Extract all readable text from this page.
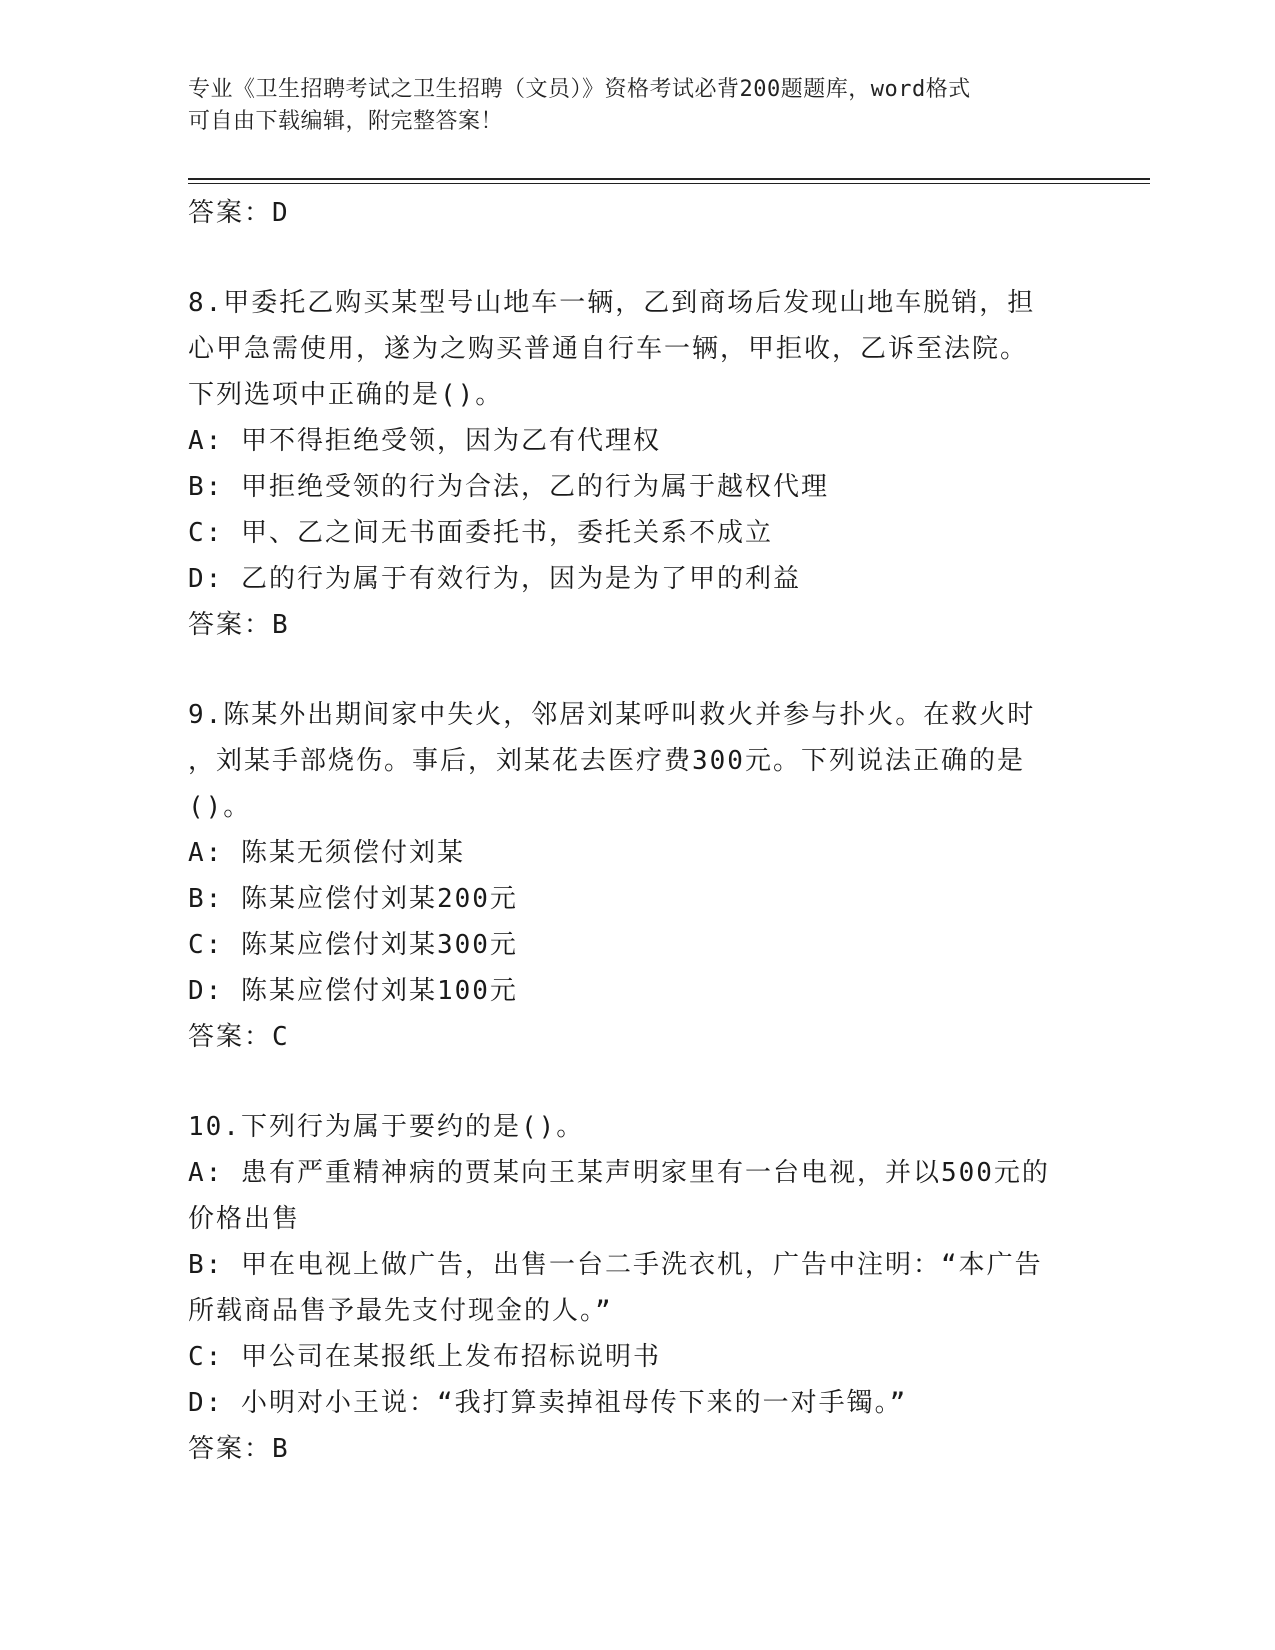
专业《卫生招聘考试之卫生招聘（文员）》资格考试必背200题题库，word格式
可自由下载编辑，附完整答案！
答案：D
8.甲委托乙购买某型号山地车一辆，乙到商场后发现山地车脱销，担
心甲急需使用，遂为之购买普通自行车一辆，甲拒收，乙诉至法院。
下列选项中正确的是()。
A: 甲不得拒绝受领，因为乙有代理权
B: 甲拒绝受领的行为合法，乙的行为属于越权代理
C: 甲、乙之间无书面委托书，委托关系不成立
D: 乙的行为属于有效行为，因为是为了甲的利益
答案：B
9.陈某外出期间家中失火，邻居刘某呼叫救火并参与扑火。在救火时
，刘某手部烧伤。事后，刘某花去医疗费300元。下列说法正确的是
()。
A: 陈某无须偿付刘某
B: 陈某应偿付刘某200元
C: 陈某应偿付刘某300元
D: 陈某应偿付刘某100元
答案：C
10.下列行为属于要约的是()。
A: 患有严重精神病的贾某向王某声明家里有一台电视，并以500元的
价格出售
B: 甲在电视上做广告，出售一台二手洗衣机，广告中注明：“本广告
所载商品售予最先支付现金的人。”
C: 甲公司在某报纸上发布招标说明书
D: 小明对小王说：“我打算卖掉祖母传下来的一对手镯。”
答案：B
